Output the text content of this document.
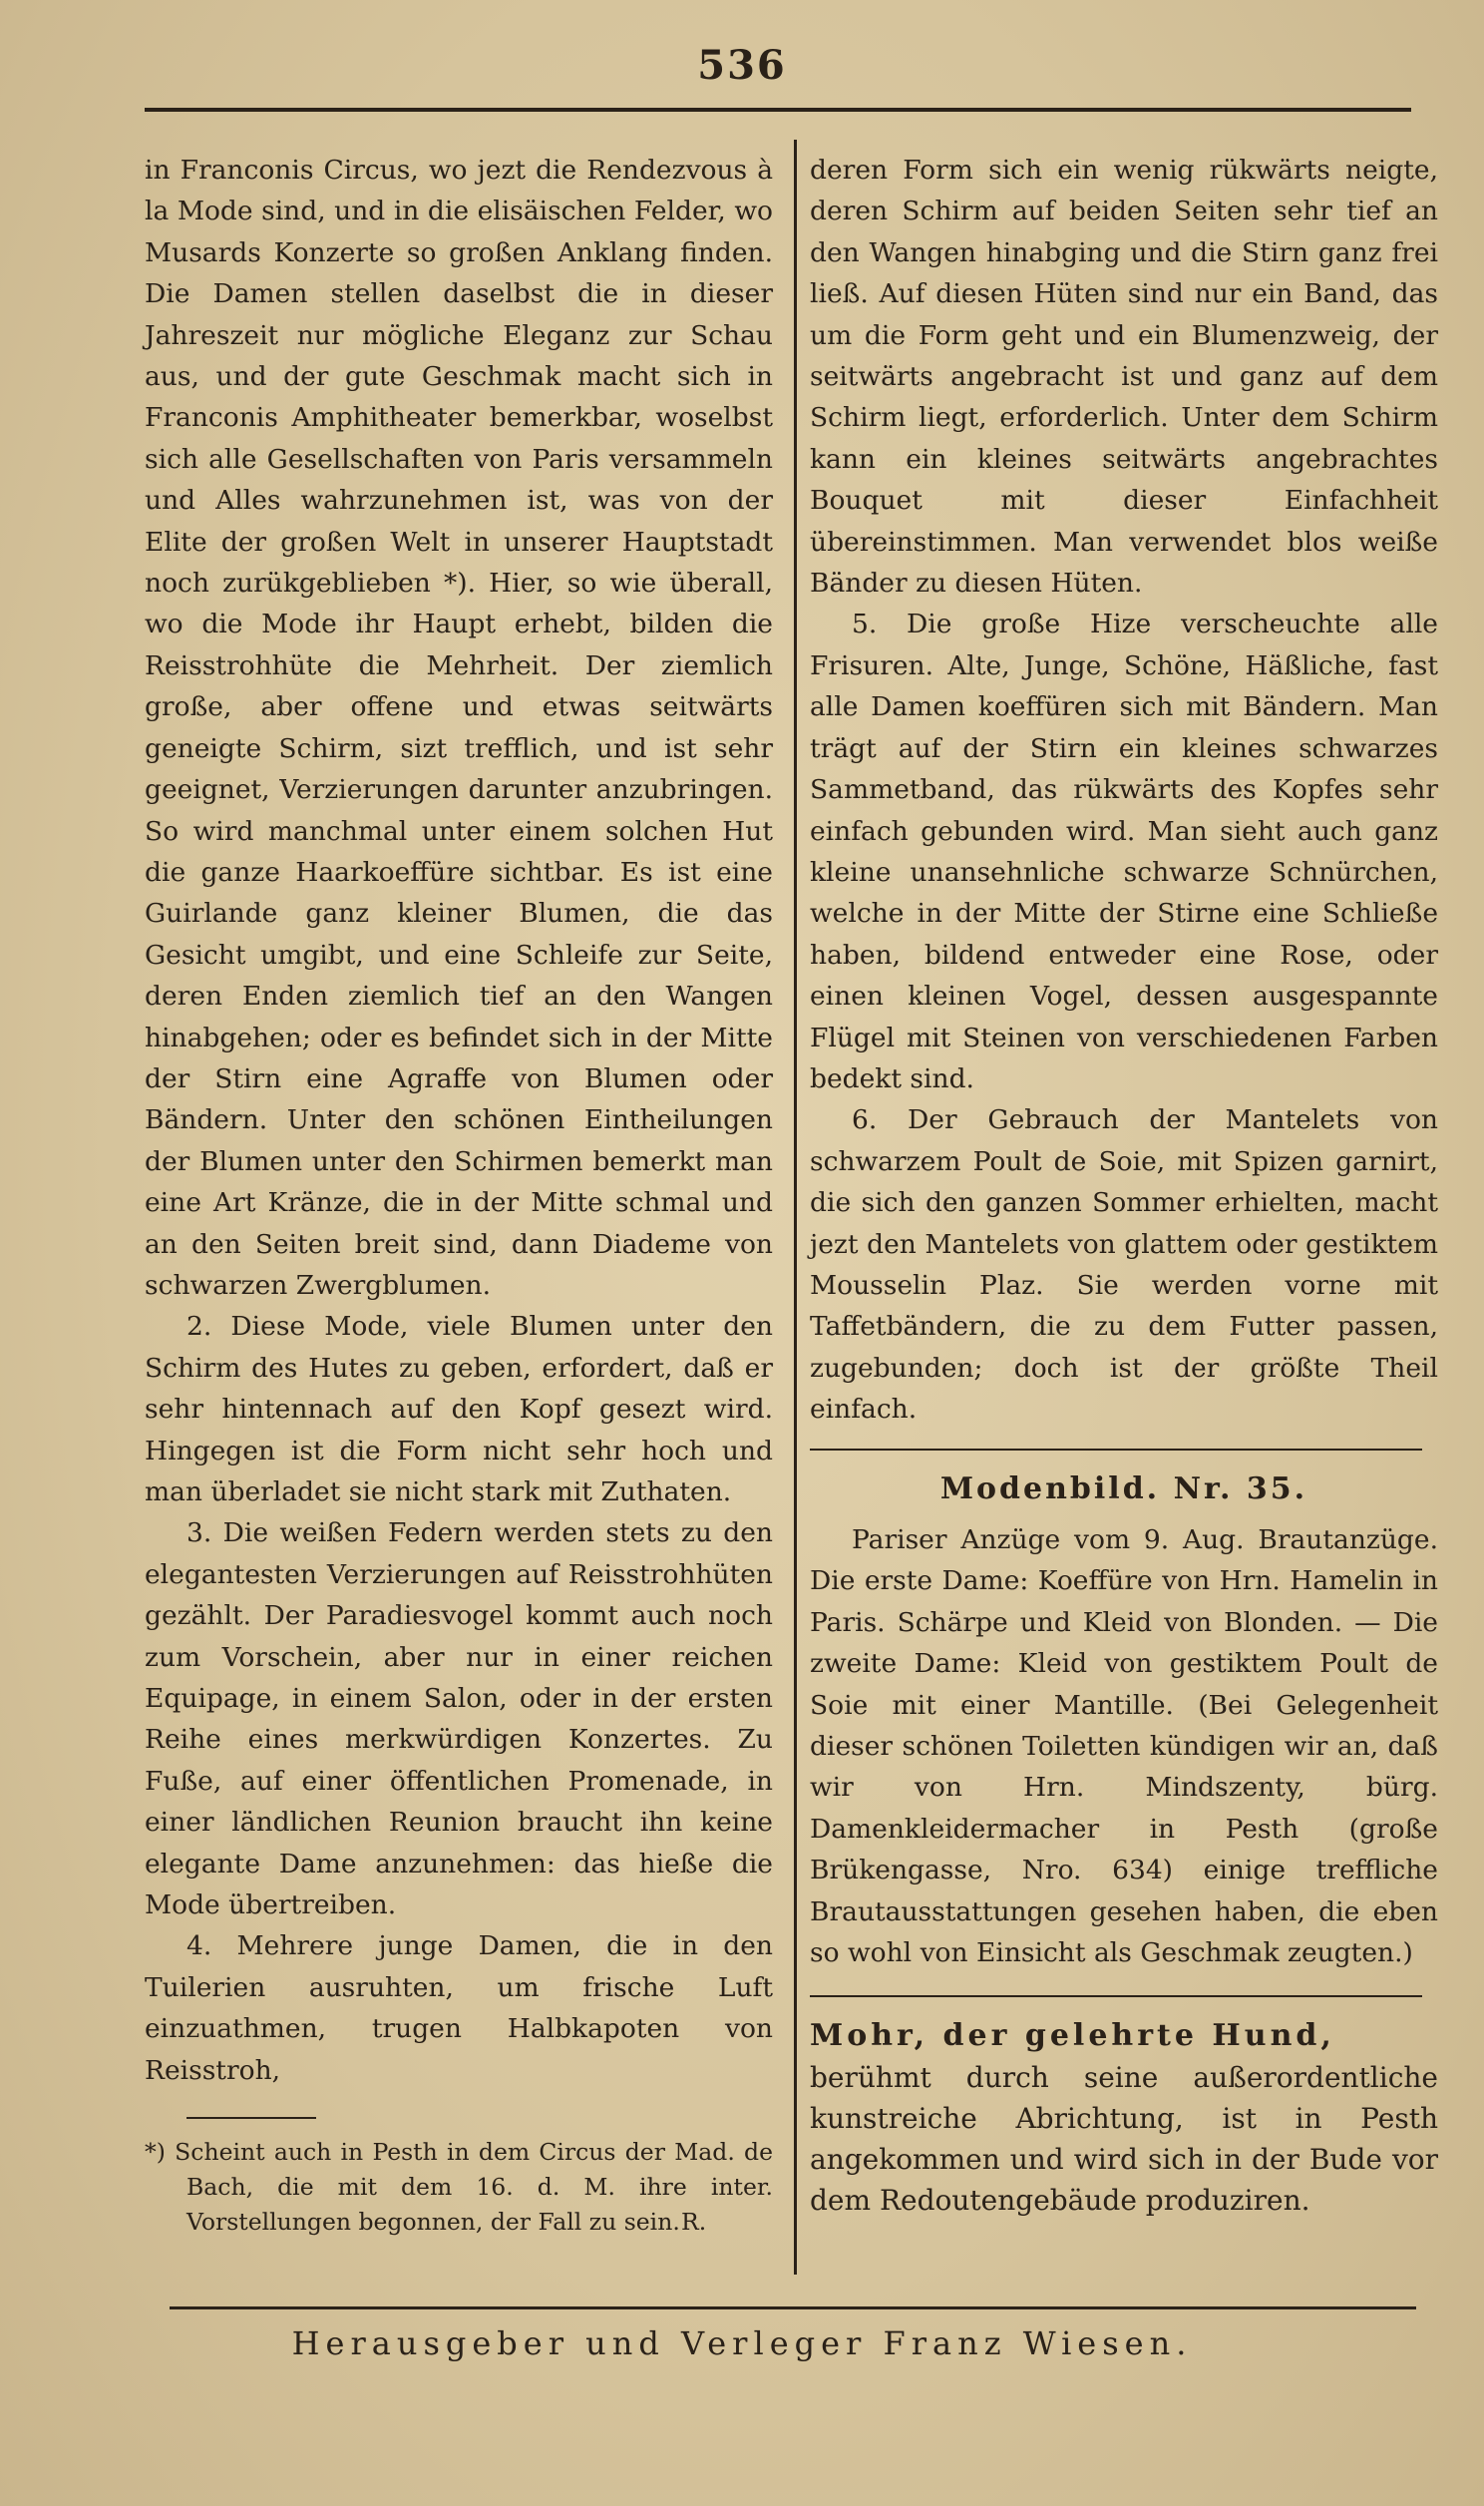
536

in Franconis Circus, wo jezt die Rendezvous à la Mode sind, und in die elisäischen Felder, wo Musards Konzerte so großen Anklang finden. Die Damen stellen daselbst die in dieser Jahreszeit nur mögliche Eleganz zur Schau aus, und der gute Geschmak macht sich in Franconis Amphitheater bemerkbar, woselbst sich alle Gesellschaften von Paris versammeln und Alles wahrzunehmen ist, was von der Elite der großen Welt in unserer Hauptstadt noch zurükgeblieben *). Hier, so wie überall, wo die Mode ihr Haupt erhebt, bilden die Reisstrohhüte die Mehrheit. Der ziemlich große, aber offene und etwas seitwärts geneigte Schirm, sizt trefflich, und ist sehr geeignet, Verzierungen darunter anzubringen. So wird manchmal unter einem solchen Hut die ganze Haarkoeffüre sichtbar. Es ist eine Guirlande ganz kleiner Blumen, die das Gesicht umgibt, und eine Schleife zur Seite, deren Enden ziemlich tief an den Wangen hinabgehen; oder es befindet sich in der Mitte der Stirn eine Agraffe von Blumen oder Bändern. Unter den schönen Eintheilungen der Blumen unter den Schirmen bemerkt man eine Art Kränze, die in der Mitte schmal und an den Seiten breit sind, dann Diademe von schwarzen Zwergblumen.

2. Diese Mode, viele Blumen unter den Schirm des Hutes zu geben, erfordert, daß er sehr hintennach auf den Kopf gesezt wird. Hingegen ist die Form nicht sehr hoch und man überladet sie nicht stark mit Zuthaten.

3. Die weißen Federn werden stets zu den elegantesten Verzierungen auf Reisstrohhüten gezählt. Der Paradiesvogel kommt auch noch zum Vorschein, aber nur in einer reichen Equipage, in einem Salon, oder in der ersten Reihe eines merkwürdigen Konzertes. Zu Fuße, auf einer öffentlichen Promenade, in einer ländlichen Reunion braucht ihn keine elegante Dame anzunehmen: das hieße die Mode übertreiben.

4. Mehrere junge Damen, die in den Tuilerien ausruhten, um frische Luft einzuathmen, trugen Halbkapoten von Reisstroh,

*) Scheint auch in Pesth in dem Circus der Mad. de Bach, die mit dem 16. d. M. ihre inter. Vorstellungen begonnen, der Fall zu sein. R.

deren Form sich ein wenig rükwärts neigte, deren Schirm auf beiden Seiten sehr tief an den Wangen hinabging und die Stirn ganz frei ließ. Auf diesen Hüten sind nur ein Band, das um die Form geht und ein Blumenzweig, der seitwärts angebracht ist und ganz auf dem Schirm liegt, erforderlich. Unter dem Schirm kann ein kleines seitwärts angebrachtes Bouquet mit dieser Einfachheit übereinstimmen. Man verwendet blos weiße Bänder zu diesen Hüten.

5. Die große Hize verscheuchte alle Frisuren. Alte, Junge, Schöne, Häßliche, fast alle Damen koeffüren sich mit Bändern. Man trägt auf der Stirn ein kleines schwarzes Sammetband, das rükwärts des Kopfes sehr einfach gebunden wird. Man sieht auch ganz kleine unansehnliche schwarze Schnürchen, welche in der Mitte der Stirne eine Schließe haben, bildend entweder eine Rose, oder einen kleinen Vogel, dessen ausgespannte Flügel mit Steinen von verschiedenen Farben bedekt sind.

6. Der Gebrauch der Mantelets von schwarzem Poult de Soie, mit Spizen garnirt, die sich den ganzen Sommer erhielten, macht jezt den Mantelets von glattem oder gestiktem Mousselin Plaz. Sie werden vorne mit Taffetbändern, die zu dem Futter passen, zugebunden; doch ist der größte Theil einfach.

Modenbild. Nr. 35.

Pariser Anzüge vom 9. Aug. Brautanzüge. Die erste Dame: Koeffüre von Hrn. Hamelin in Paris. Schärpe und Kleid von Blonden. — Die zweite Dame: Kleid von gestiktem Poult de Soie mit einer Mantille. (Bei Gelegenheit dieser schönen Toiletten kündigen wir an, daß wir von Hrn. Mindszenty, bürg. Damenkleidermacher in Pesth (große Brükengasse, Nro. 634) einige treffliche Brautausstattungen gesehen haben, die eben so wohl von Einsicht als Geschmak zeugten.)

Mohr, der gelehrte Hund,

berühmt durch seine außerordentliche kunstreiche Abrichtung, ist in Pesth angekommen und wird sich in der Bude vor dem Redoutengebäude produziren.

Herausgeber und Verleger Franz Wiesen.
